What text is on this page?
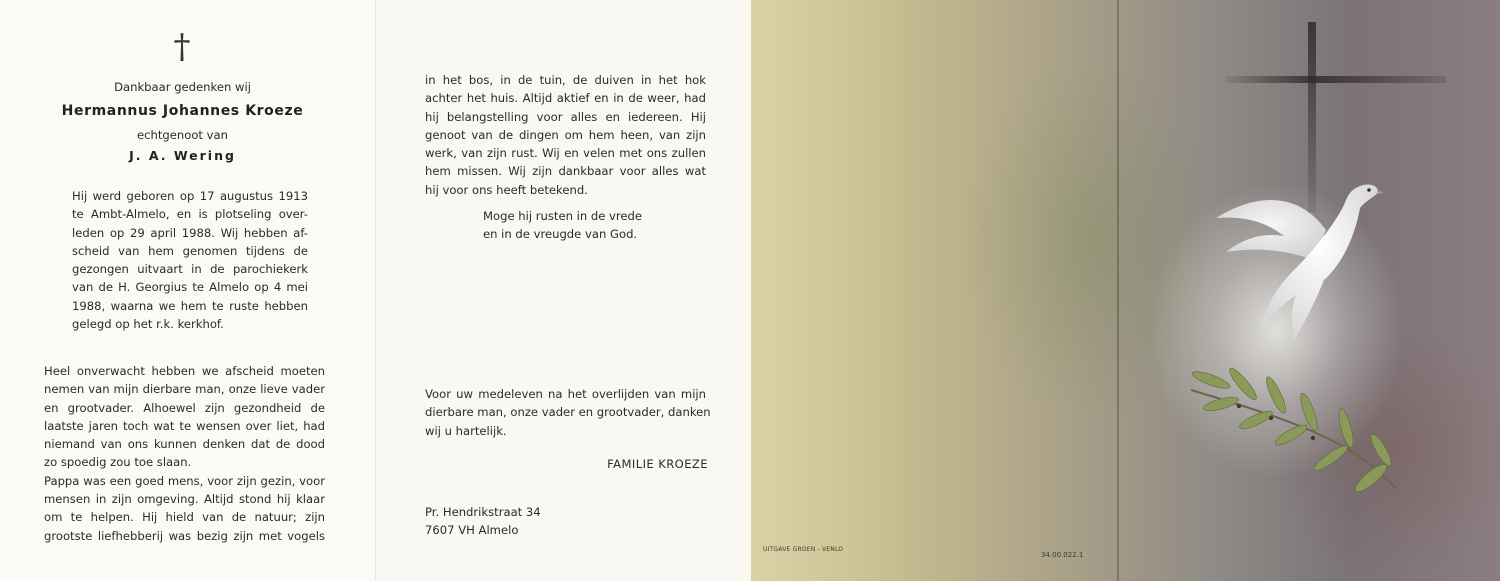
†
Dankbaar gedenken wij
Hermannus Johannes Kroeze
echtgenoot van
J. A. Wering
Hij werd geboren op 17 augustus 1913
te Ambt-Almelo, en is plotseling over-
leden op 29 april 1988. Wij hebben af-
scheid van hem genomen tijdens de
gezongen uitvaart in de parochiekerk
van de H. Georgius te Almelo op 4 mei
1988, waarna we hem te ruste hebben
gelegd op het r.k. kerkhof.
Heel onverwacht hebben we afscheid moeten
nemen van mijn dierbare man, onze lieve vader
en grootvader. Alhoewel zijn gezondheid de
laatste jaren toch wat te wensen over liet, had
niemand van ons kunnen denken dat de dood
zo spoedig zou toe slaan.
Pappa was een goed mens, voor zijn gezin, voor
mensen in zijn omgeving. Altijd stond hij klaar
om te helpen. Hij hield van de natuur; zijn
grootste liefhebberij was bezig zijn met vogels
in het bos, in de tuin, de duiven in het hok
achter het huis. Altijd aktief en in de weer, had
hij belangstelling voor alles en iedereen. Hij
genoot van de dingen om hem heen, van zijn
werk, van zijn rust. Wij en velen met ons zullen
hem missen. Wij zijn dankbaar voor alles wat
hij voor ons heeft betekend.
Moge hij rusten in de vrede
en in de vreugde van God.
Voor uw medeleven na het overlijden van mijn
dierbare man, onze vader en grootvader, danken
wij u hartelijk.
FAMILIE KROEZE
Pr. Hendrikstraat 34
7607 VH Almelo
UITGAVE GROEN - VENLO
34.00.022.1
